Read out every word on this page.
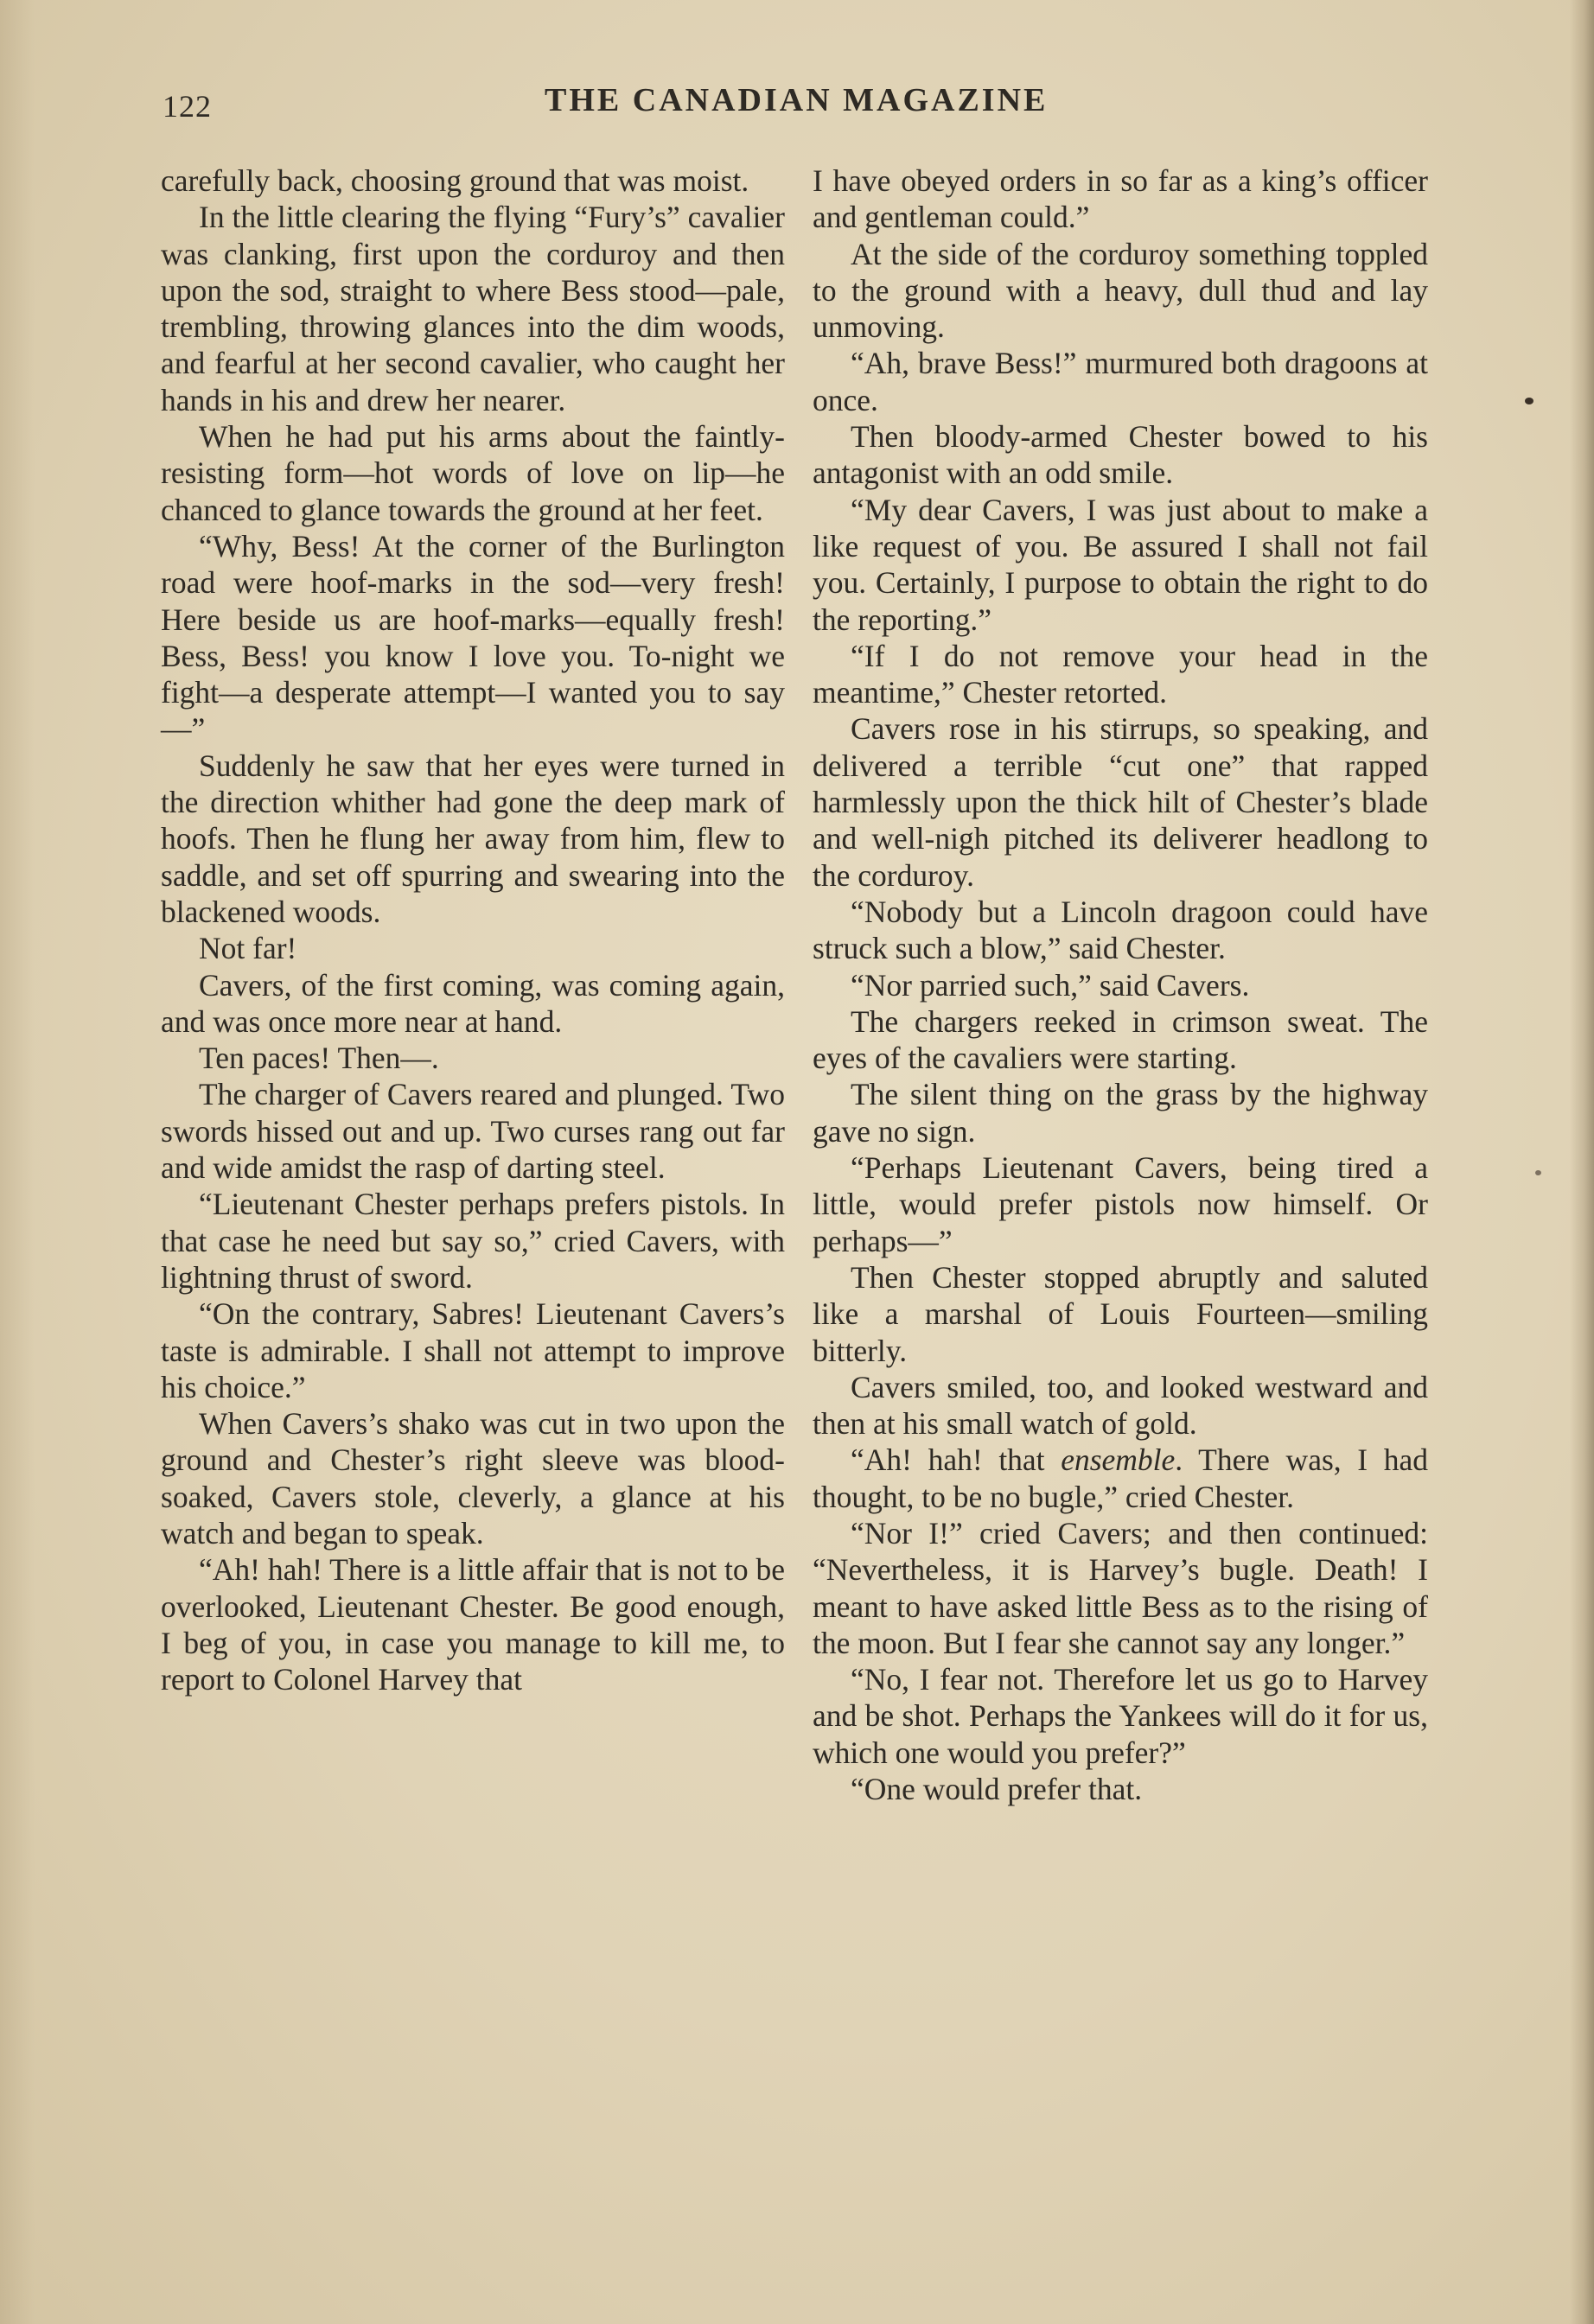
122	THE CANADIAN MAGAZINE

carefully back, choosing ground that was moist.

In the little clearing the flying “Fury’s” cavalier was clanking, first upon the corduroy and then upon the sod, straight to where Bess stood—pale, trembling, throwing glances into the dim woods, and fearful at her second cavalier, who caught her hands in his and drew her nearer.

When he had put his arms about the faintly-resisting form—hot words of love on lip—he chanced to glance towards the ground at her feet.

“Why, Bess! At the corner of the Burlington road were hoof-marks in the sod—very fresh! Here beside us are hoof-marks—equally fresh! Bess, Bess! you know I love you. To-night we fight—a desperate attempt—I wanted you to say—”

Suddenly he saw that her eyes were turned in the direction whither had gone the deep mark of hoofs. Then he flung her away from him, flew to saddle, and set off spurring and swearing into the blackened woods.

Not far!

Cavers, of the first coming, was coming again, and was once more near at hand.

Ten paces! Then—.

The charger of Cavers reared and plunged. Two swords hissed out and up. Two curses rang out far and wide amidst the rasp of darting steel.

“Lieutenant Chester perhaps prefers pistols. In that case he need but say so,” cried Cavers, with lightning thrust of sword.

“On the contrary, Sabres! Lieutenant Cavers’s taste is admirable. I shall not attempt to improve his choice.”

When Cavers’s shako was cut in two upon the ground and Chester’s right sleeve was blood-soaked, Cavers stole, cleverly, a glance at his watch and began to speak.

“Ah! hah! There is a little affair that is not to be overlooked, Lieutenant Chester. Be good enough, I beg of you, in case you manage to kill me, to report to Colonel Harvey that

I have obeyed orders in so far as a king’s officer and gentleman could.”

At the side of the corduroy something toppled to the ground with a heavy, dull thud and lay unmoving.

“Ah, brave Bess!” murmured both dragoons at once.

Then bloody-armed Chester bowed to his antagonist with an odd smile.

“My dear Cavers, I was just about to make a like request of you. Be assured I shall not fail you. Certainly, I purpose to obtain the right to do the reporting.”

“If I do not remove your head in the meantime,” Chester retorted.

Cavers rose in his stirrups, so speaking, and delivered a terrible “cut one” that rapped harmlessly upon the thick hilt of Chester’s blade and well-nigh pitched its deliverer headlong to the corduroy.

“Nobody but a Lincoln dragoon could have struck such a blow,” said Chester.

“Nor parried such,” said Cavers.

The chargers reeked in crimson sweat. The eyes of the cavaliers were starting.

The silent thing on the grass by the highway gave no sign.

“Perhaps Lieutenant Cavers, being tired a little, would prefer pistols now himself. Or perhaps—”

Then Chester stopped abruptly and saluted like a marshal of Louis Fourteen—smiling bitterly.

Cavers smiled, too, and looked westward and then at his small watch of gold.

“Ah! hah! that ensemble. There was, I had thought, to be no bugle,” cried Chester.

“Nor I!” cried Cavers; and then continued: “Nevertheless, it is Harvey’s bugle. Death! I meant to have asked little Bess as to the rising of the moon. But I fear she cannot say any longer.”

“No, I fear not. Therefore let us go to Harvey and be shot. Perhaps the Yankees will do it for us, which one would you prefer?”

“One would prefer that.
